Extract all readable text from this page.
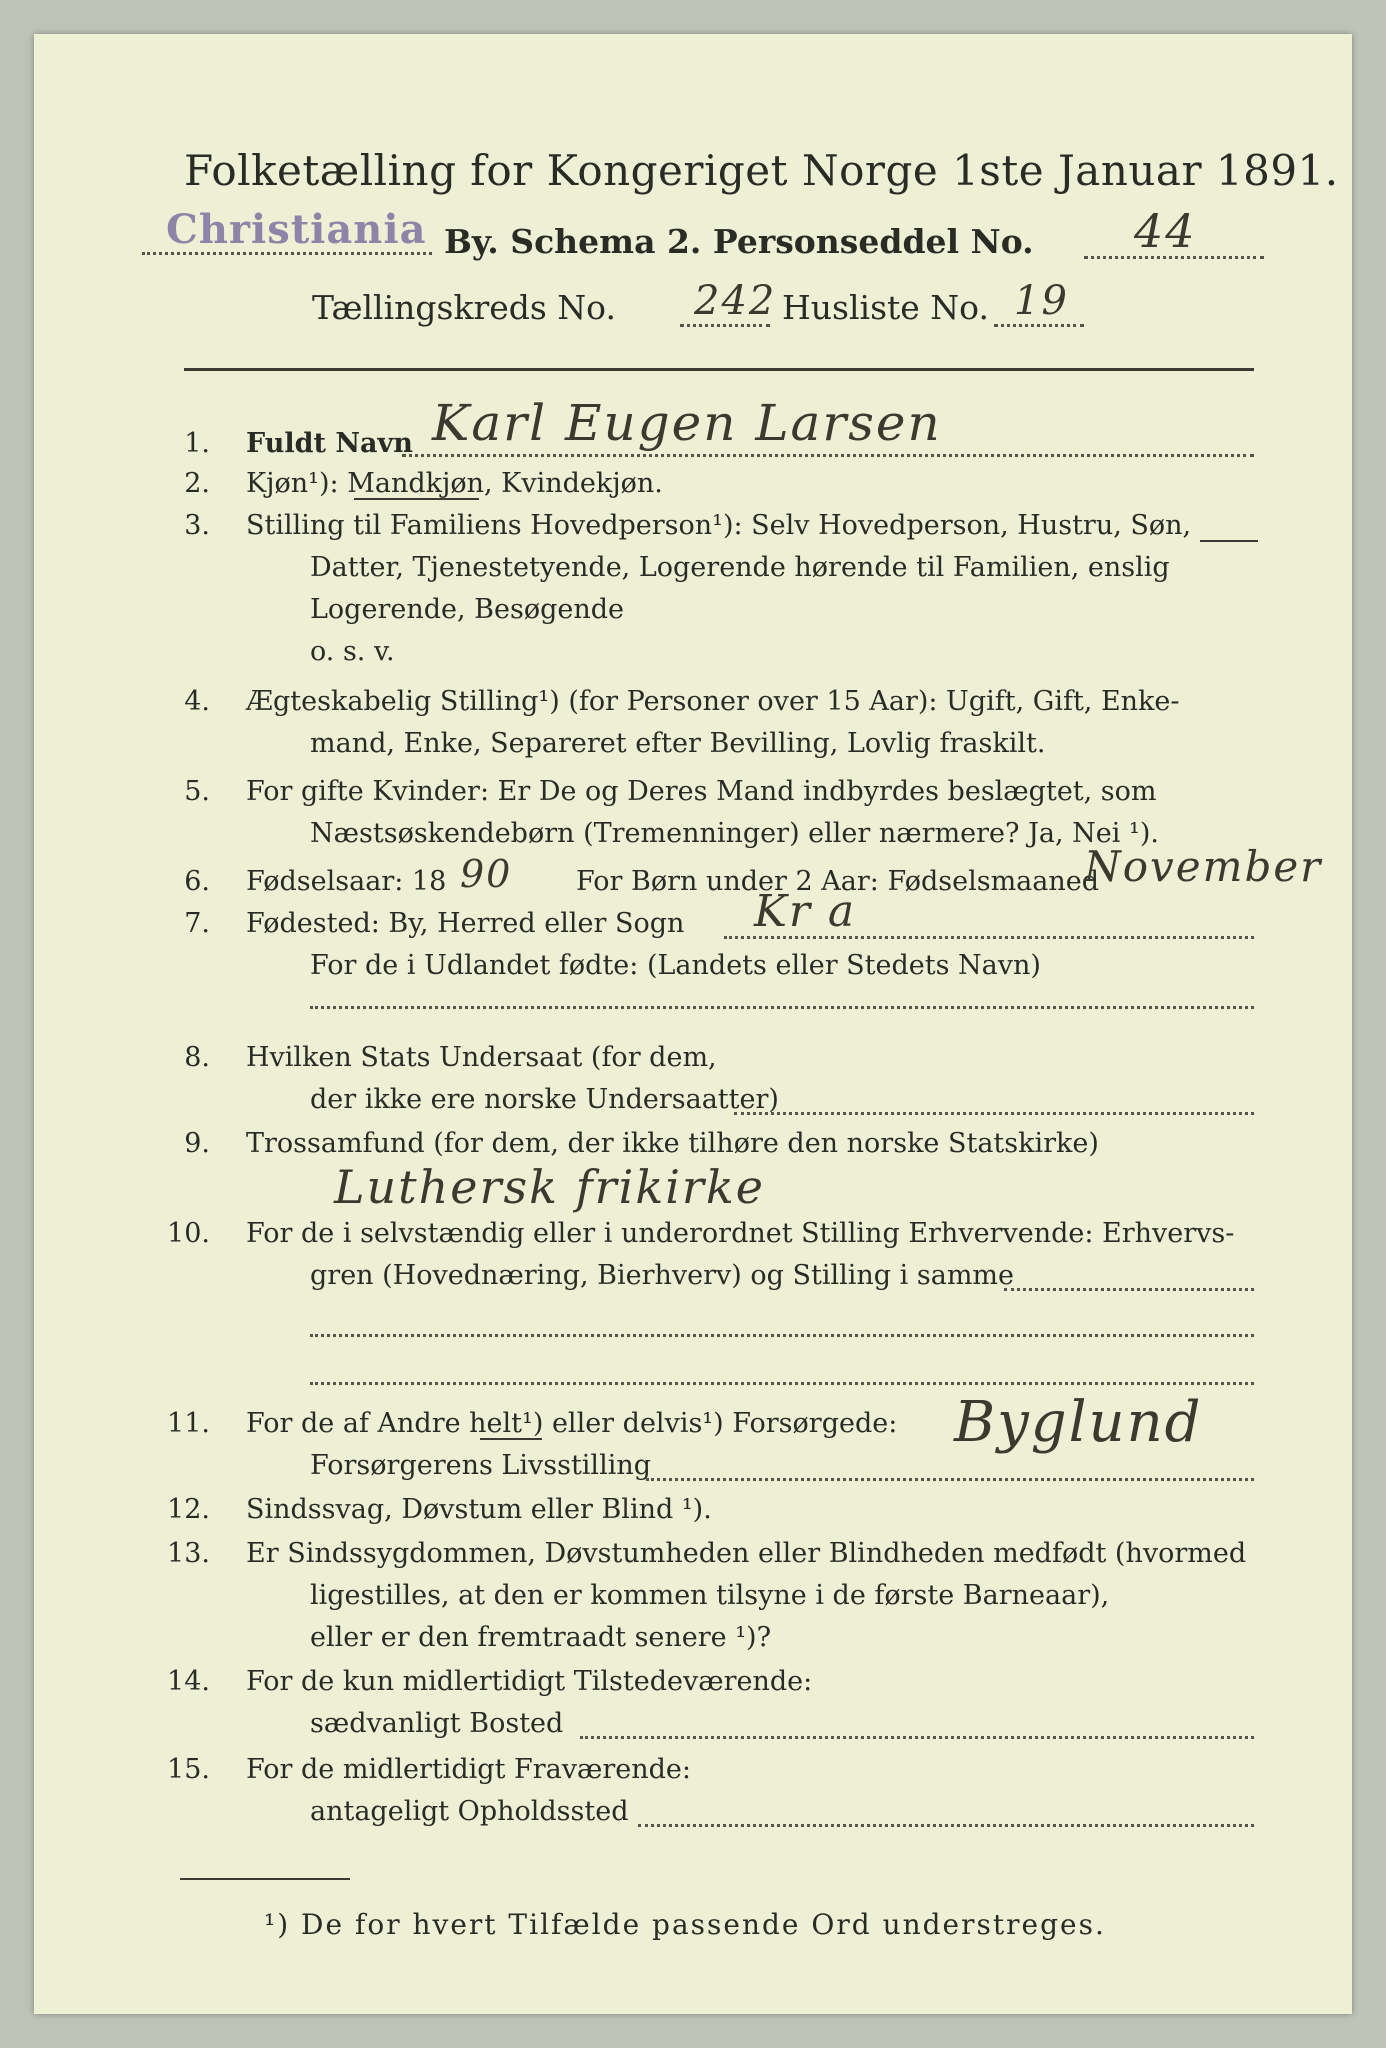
Folketælling for Kongeriget Norge 1ste Januar 1891.
Christiania By. Schema 2. Personseddel No. 44
Tællingskreds No. 242 Husliste No. 19
1. Fuldt Navn Karl Eugen Larsen
2. Kjøn¹): Mandkjøn, Kvindekjøn.
3. Stilling til Familiens Hovedperson¹): Selv Hovedperson, Hustru, Søn,
Datter, Tjenestetyende, Logerende hørende til Familien, enslig
Logerende, Besøgende
o. s. v.
4. Ægteskabelig Stilling¹) (for Personer over 15 Aar): Ugift, Gift, Enke-
mand, Enke, Separeret efter Bevilling, Lovlig fraskilt.
5. For gifte Kvinder: Er De og Deres Mand indbyrdes beslægtet, som
Næstsøskendebørn (Tremenninger) eller nærmere? Ja, Nei ¹).
6. Fødselsaar: 18 90 For Børn under 2 Aar: Fødselsmaaned
November
7. Fødested: By, Herred eller Sogn Kr a
For de i Udlandet fødte: (Landets eller Stedets Navn)
8. Hvilken Stats Undersaat (for dem,
der ikke ere norske Undersaatter)
9. Trossamfund (for dem, der ikke tilhøre den norske Statskirke)
Luthersk frikirke
10. For de i selvstændig eller i underordnet Stilling Erhvervende: Erhvervs-
gren (Hovednæring, Bierhverv) og Stilling i samme
11. For de af Andre helt¹) eller delvis¹) Forsørgede:
Forsørgerens Livsstilling
Byglund
12. Sindssvag, Døvstum eller Blind ¹).
13. Er Sindssygdommen, Døvstumheden eller Blindheden medfødt (hvormed
ligestilles, at den er kommen tilsyne i de første Barneaar),
eller er den fremtraadt senere ¹)?
14. For de kun midlertidigt Tilstedeværende:
sædvanligt Bosted
15. For de midlertidigt Fraværende:
antageligt Opholdssted
¹) De for hvert Tilfælde passende Ord understreges.
